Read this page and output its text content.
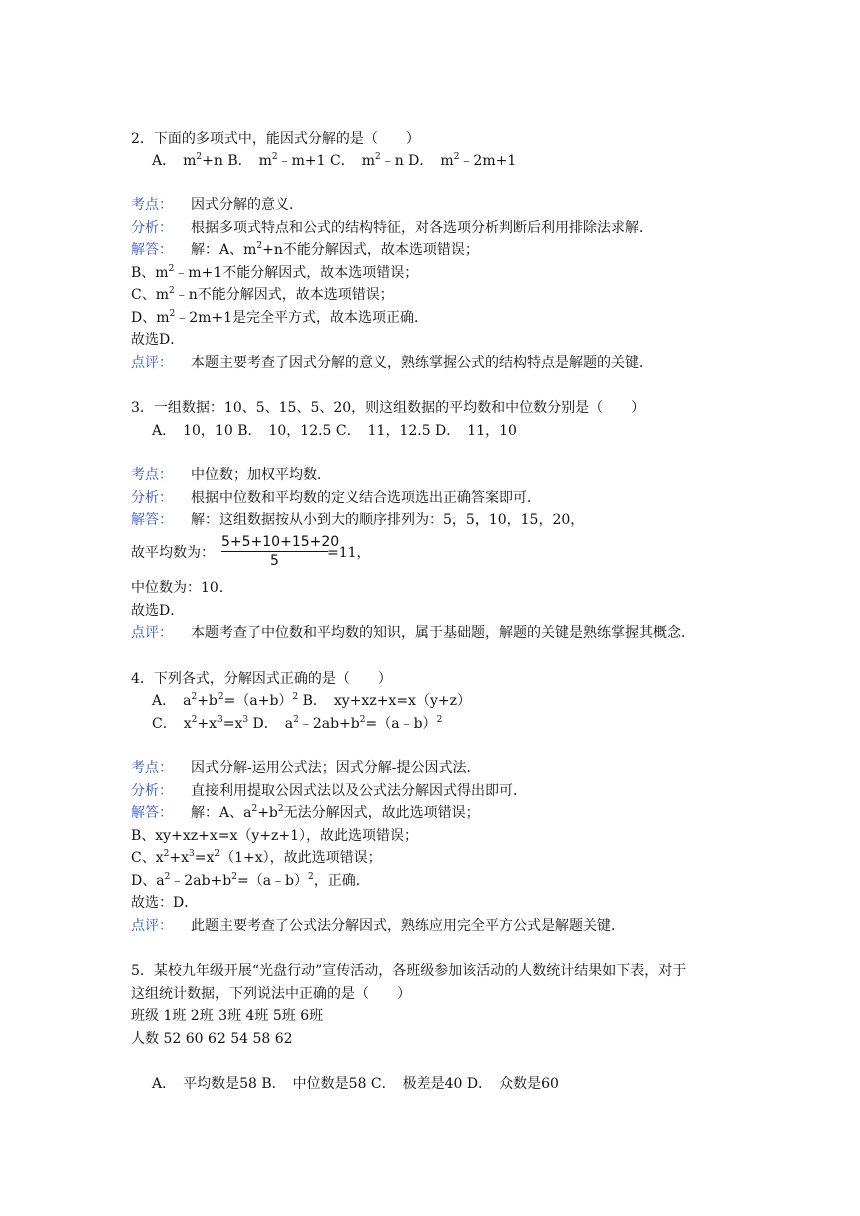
2．下面的多项式中，能因式分解的是（　　）
A．　$m^2+n$ B．　$m^2﹣m+1$ C．　$m^2﹣n$ D．　$m^2﹣2m+1$
考点： 因式分解的意义．
分析： 根据多项式特点和公式的结构特征，对各选项分析判断后利用排除法求解．
解答： 解：A、$m^2+n$不能分解因式，故本选项错误；
B、$m^2﹣m+1$不能分解因式，故本选项错误；
C、$m^2﹣n$不能分解因式，故本选项错误；
D、$m^2﹣2m+1$是完全平方式，故本选项正确．
故选D．
点评： 本题主要考查了因式分解的意义，熟练掌握公式的结构特点是解题的关键．
3．一组数据：10、5、15、5、20，则这组数据的平均数和中位数分别是（　　）
A．　10，10 B．　10，12.5 C．　11，12.5 D．　11，10
考点： 中位数；加权平均数．
分析： 根据中位数和平均数的定义结合选项选出正确答案即可．
解答： 解：这组数据按从小到大的顺序排列为：5，5，10，15，20，
故平均数为： $\frac{5+5+10+15+20}{5} =11$，
中位数为：10．
故选D．
点评： 本题考查了中位数和平均数的知识，属于基础题，解题的关键是熟练掌握其概念．
4．下列各式，分解因式正确的是（　　）
A．　$a^2+b^2=(a+b)^2$ B．　xy+xz+x=x（y+z）
C．　$x^2+x^3=x^3$ D．　$a^2﹣2ab+b^2=(a﹣b)^2$
考点： 因式分解-运用公式法；因式分解-提公因式法．
分析： 直接利用提取公因式法以及公式法分解因式得出即可．
解答： 解：A、$a^2+b^2$无法分解因式，故此选项错误；
B、xy+xz+x=x（y+z+1），故此选项错误；
C、$x^2+x^3=x^2(1+x)$，故此选项错误；
D、$a^2﹣2ab+b^2=(a﹣b)^2$，正确．
故选：D．
点评： 此题主要考查了公式法分解因式，熟练应用完全平方公式是解题关键．
5．某校九年级开展“光盘行动”宣传活动，各班级参加该活动的人数统计结果如下表，对于
这组统计数据，下列说法中正确的是（　　）
班级 1班 2班 3班 4班 5班 6班
人数 52 60 62 54 58 62
A．　平均数是58 B．　中位数是58 C．　极差是40 D．　众数是60
